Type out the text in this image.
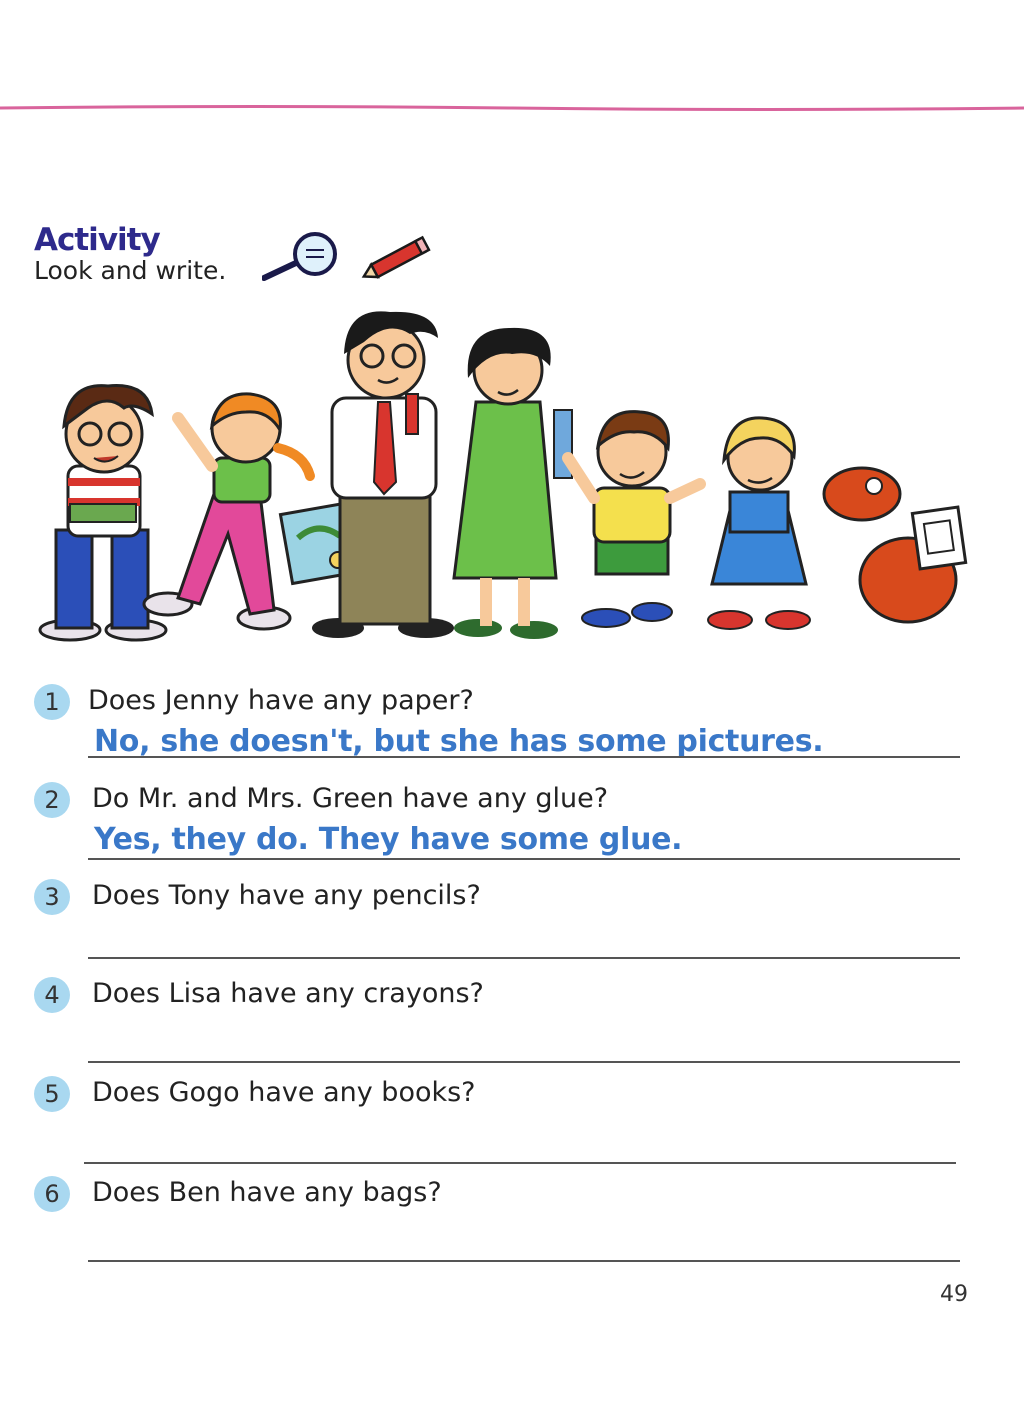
Activity
Look and write.
1	Does Jenny have any paper?
No, she doesn't, but she has some pictures.
2	Do Mr. and Mrs. Green have any glue?
Yes, they do. They have some glue.
3	Does Tony have any pencils?
4	Does Lisa have any crayons?
5	Does Gogo have any books?
6	Does Ben have any bags?
49
